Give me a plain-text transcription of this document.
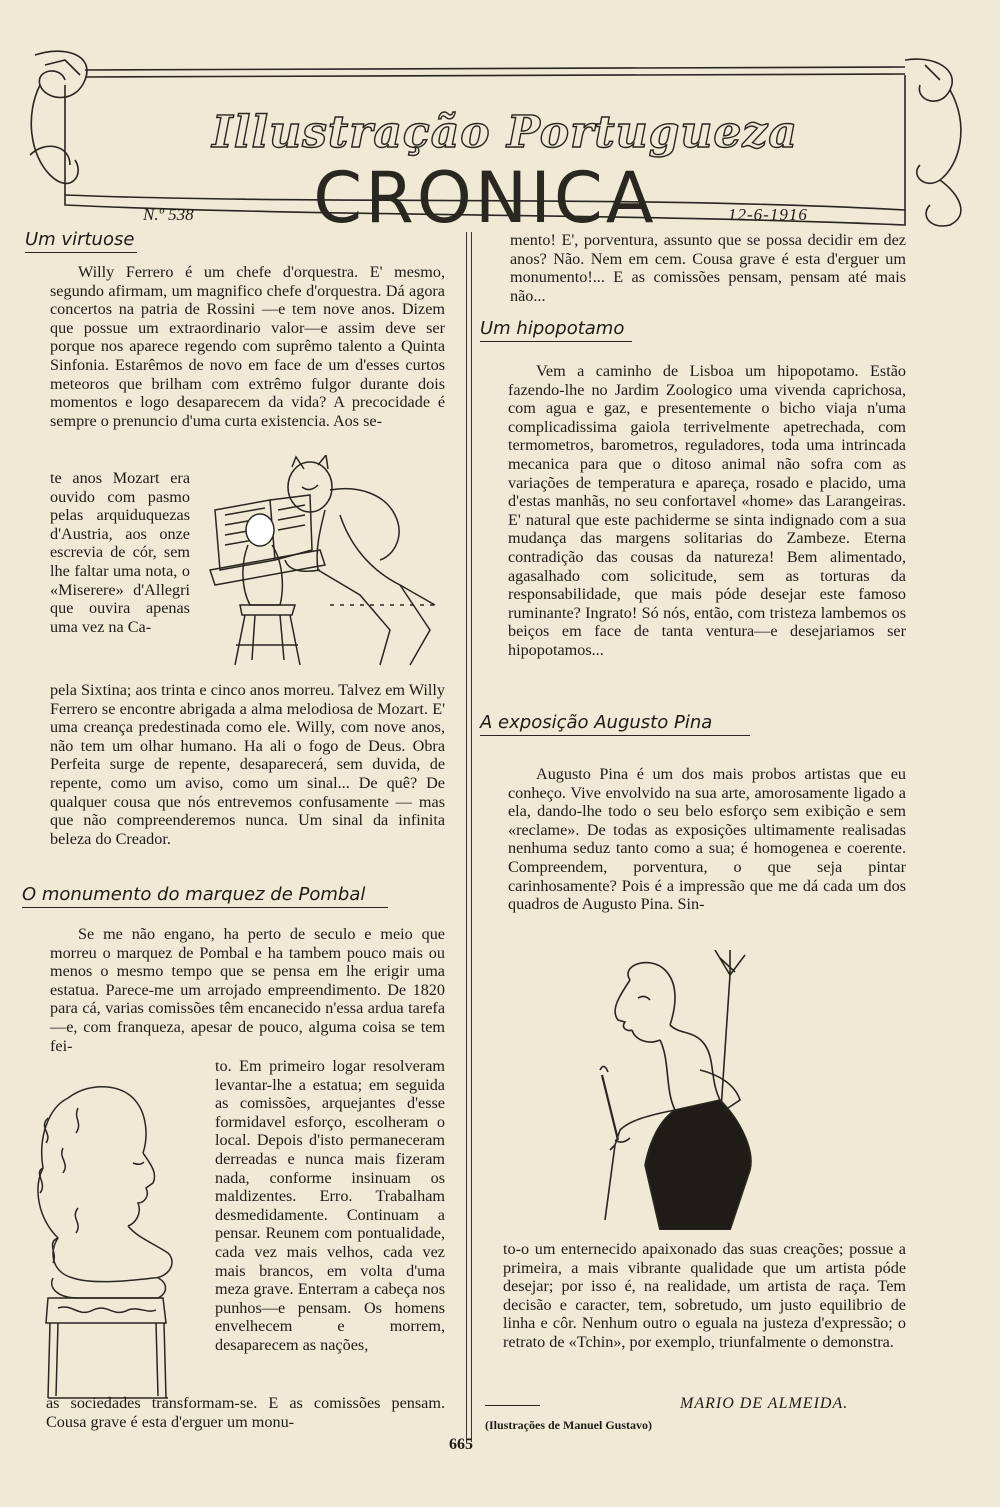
Illustração Portugueza
CRONICA
N.º 538	12-6-1916
Um virtuose

Willy Ferrero é um chefe d'orquestra. E' mesmo, segundo afirmam, um magnifico chefe d'orquestra. Dá agora concertos na patria de Rossini —e tem nove anos. Dizem que possue um extraordinario valor—e assim deve ser porque nos aparece regendo com suprêmo talento a Quinta Sinfonia. Estarêmos de novo em face de um d'esses curtos meteoros que brilham com extrêmo fulgor durante dois momentos e logo desaparecem da vida? A precocidade é sempre o prenuncio d'uma curta existencia. Aos se-

te anos Mozart era ouvido com pasmo pelas arquiduquezas d'Austria, aos onze escrevia de cór, sem lhe faltar uma nota, o «Miserere» d'Allegri que ouvira apenas uma vez na Ca-

pela Sixtina; aos trinta e cinco anos morreu. Talvez em Willy Ferrero se encontre abrigada a alma melodiosa de Mozart. E' uma creança predestinada como ele. Willy, com nove anos, não tem um olhar humano. Ha ali o fogo de Deus. Obra Perfeita surge de repente, desaparecerá, sem duvida, de repente, como um aviso, como um sinal... De quê? De qualquer cousa que nós entrevemos confusamente — mas que não compreenderemos nunca. Um sinal da infinita beleza do Creador.

O monumento do marquez de Pombal

Se me não engano, ha perto de seculo e meio que morreu o marquez de Pombal e ha tambem pouco mais ou menos o mesmo tempo que se pensa em lhe erigir uma estatua. Parece-me um arrojado empreendimento. De 1820 para cá, varias comissões têm encanecido n'essa ardua tarefa—e, com franqueza, apesar de pouco, alguma coisa se tem fei-

to. Em primeiro logar resolveram levantar-lhe a estatua; em seguida as comissões, arquejantes d'esse formidavel esforço, escolheram o local. Depois d'isto permaneceram derreadas e nunca mais fizeram nada, conforme insinuam os maldizentes. Erro. Trabalham desmedidamente. Continuam a pensar. Reunem com pontualidade, cada vez mais velhos, cada vez mais brancos, em volta d'uma meza grave. Enterram a cabeça nos punhos—e pensam. Os homens envelhecem e morrem, desaparecem as nações,

as sociedades transformam-se. E as comissões pensam. Cousa grave é esta d'erguer um monu-

mento! E', porventura, assunto que se possa decidir em dez anos? Não. Nem em cem. Cousa grave é esta d'erguer um monumento!... E as comissões pensam, pensam até mais não...

Um hipopotamo

Vem a caminho de Lisboa um hipopotamo. Estão fazendo-lhe no Jardim Zoologico uma vivenda caprichosa, com agua e gaz, e presentemente o bicho viaja n'uma complicadissima gaiola terrivelmente apetrechada, com termometros, barometros, reguladores, toda uma intrincada mecanica para que o ditoso animal não sofra com as variações de temperatura e apareça, rosado e placido, uma d'estas manhãs, no seu confortavel «home» das Larangeiras. E' natural que este pachiderme se sinta indignado com a sua mudança das margens solitarias do Zambeze. Eterna contradição das cousas da natureza! Bem alimentado, agasalhado com solicitude, sem as torturas da responsabilidade, que mais póde desejar este famoso ruminante? Ingrato! Só nós, então, com tristeza lambemos os beiços em face de tanta ventura—e desejariamos ser hipopotamos...

A exposição Augusto Pina

Augusto Pina é um dos mais probos artistas que eu conheço. Vive envolvido na sua arte, amorosamente ligado a ela, dando-lhe todo o seu belo esforço sem exibição e sem «reclame». De todas as exposições ultimamente realisadas nenhuma seduz tanto como a sua; é homogenea e coerente. Compreendem, porventura, o que seja pintar carinhosamente? Pois é a impressão que me dá cada um dos quadros de Augusto Pina. Sin-

to-o um enternecido apaixonado das suas creações; possue a primeira, a mais vibrante qualidade que um artista póde desejar; por isso é, na realidade, um artista de raça. Tem decisão e caracter, tem, sobretudo, um justo equilibrio de linha e côr. Nenhum outro o eguala na justeza d'expressão; o retrato de «Tchin», por exemplo, triunfalmente o demonstra.

MARIO DE ALMEIDA.
(Ilustrações de Manuel Gustavo)
665
